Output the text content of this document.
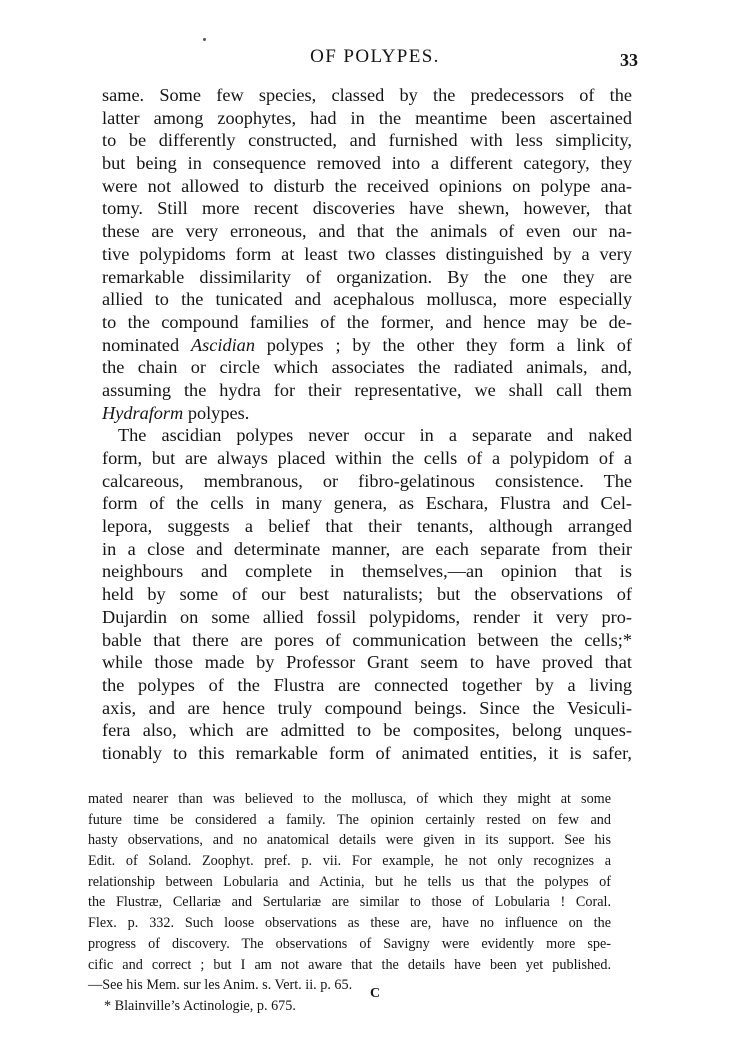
OF POLYPES.	33
same. Some few species, classed by the predecessors of the
latter among zoophytes, had in the meantime been ascertained
to be differently constructed, and furnished with less simplicity,
but being in consequence removed into a different category, they
were not allowed to disturb the received opinions on polype ana-
tomy. Still more recent discoveries have shewn, however, that
these are very erroneous, and that the animals of even our na-
tive polypidoms form at least two classes distinguished by a very
remarkable dissimilarity of organization. By the one they are
allied to the tunicated and acephalous mollusca, more especially
to the compound families of the former, and hence may be de-
nominated Ascidian polypes ; by the other they form a link of
the chain or circle which associates the radiated animals, and,
assuming the hydra for their representative, we shall call them
Hydraform polypes.
The ascidian polypes never occur in a separate and naked
form, but are always placed within the cells of a polypidom of a
calcareous, membranous, or fibro-gelatinous consistence. The
form of the cells in many genera, as Eschara, Flustra and Cel-
lepora, suggests a belief that their tenants, although arranged
in a close and determinate manner, are each separate from their
neighbours and complete in themselves,—an opinion that is
held by some of our best naturalists; but the observations of
Dujardin on some allied fossil polypidoms, render it very pro-
bable that there are pores of communication between the cells;*
while those made by Professor Grant seem to have proved that
the polypes of the Flustra are connected together by a living
axis, and are hence truly compound beings. Since the Vesiculi-
fera also, which are admitted to be composites, belong unques-
tionably to this remarkable form of animated entities, it is safer,
mated nearer than was believed to the mollusca, of which they might at some
future time be considered a family. The opinion certainly rested on few and
hasty observations, and no anatomical details were given in its support. See his
Edit. of Soland. Zoophyt. pref. p. vii. For example, he not only recognizes a
relationship between Lobularia and Actinia, but he tells us that the polypes of
the Flustræ, Cellariæ and Sertulariæ are similar to those of Lobularia ! Coral.
Flex. p. 332. Such loose observations as these are, have no influence on the
progress of discovery. The observations of Savigny were evidently more spe-
cific and correct ; but I am not aware that the details have been yet published.
—See his Mem. sur les Anim. s. Vert. ii. p. 65.
* Blainville’s Actinologie, p. 675.
C
